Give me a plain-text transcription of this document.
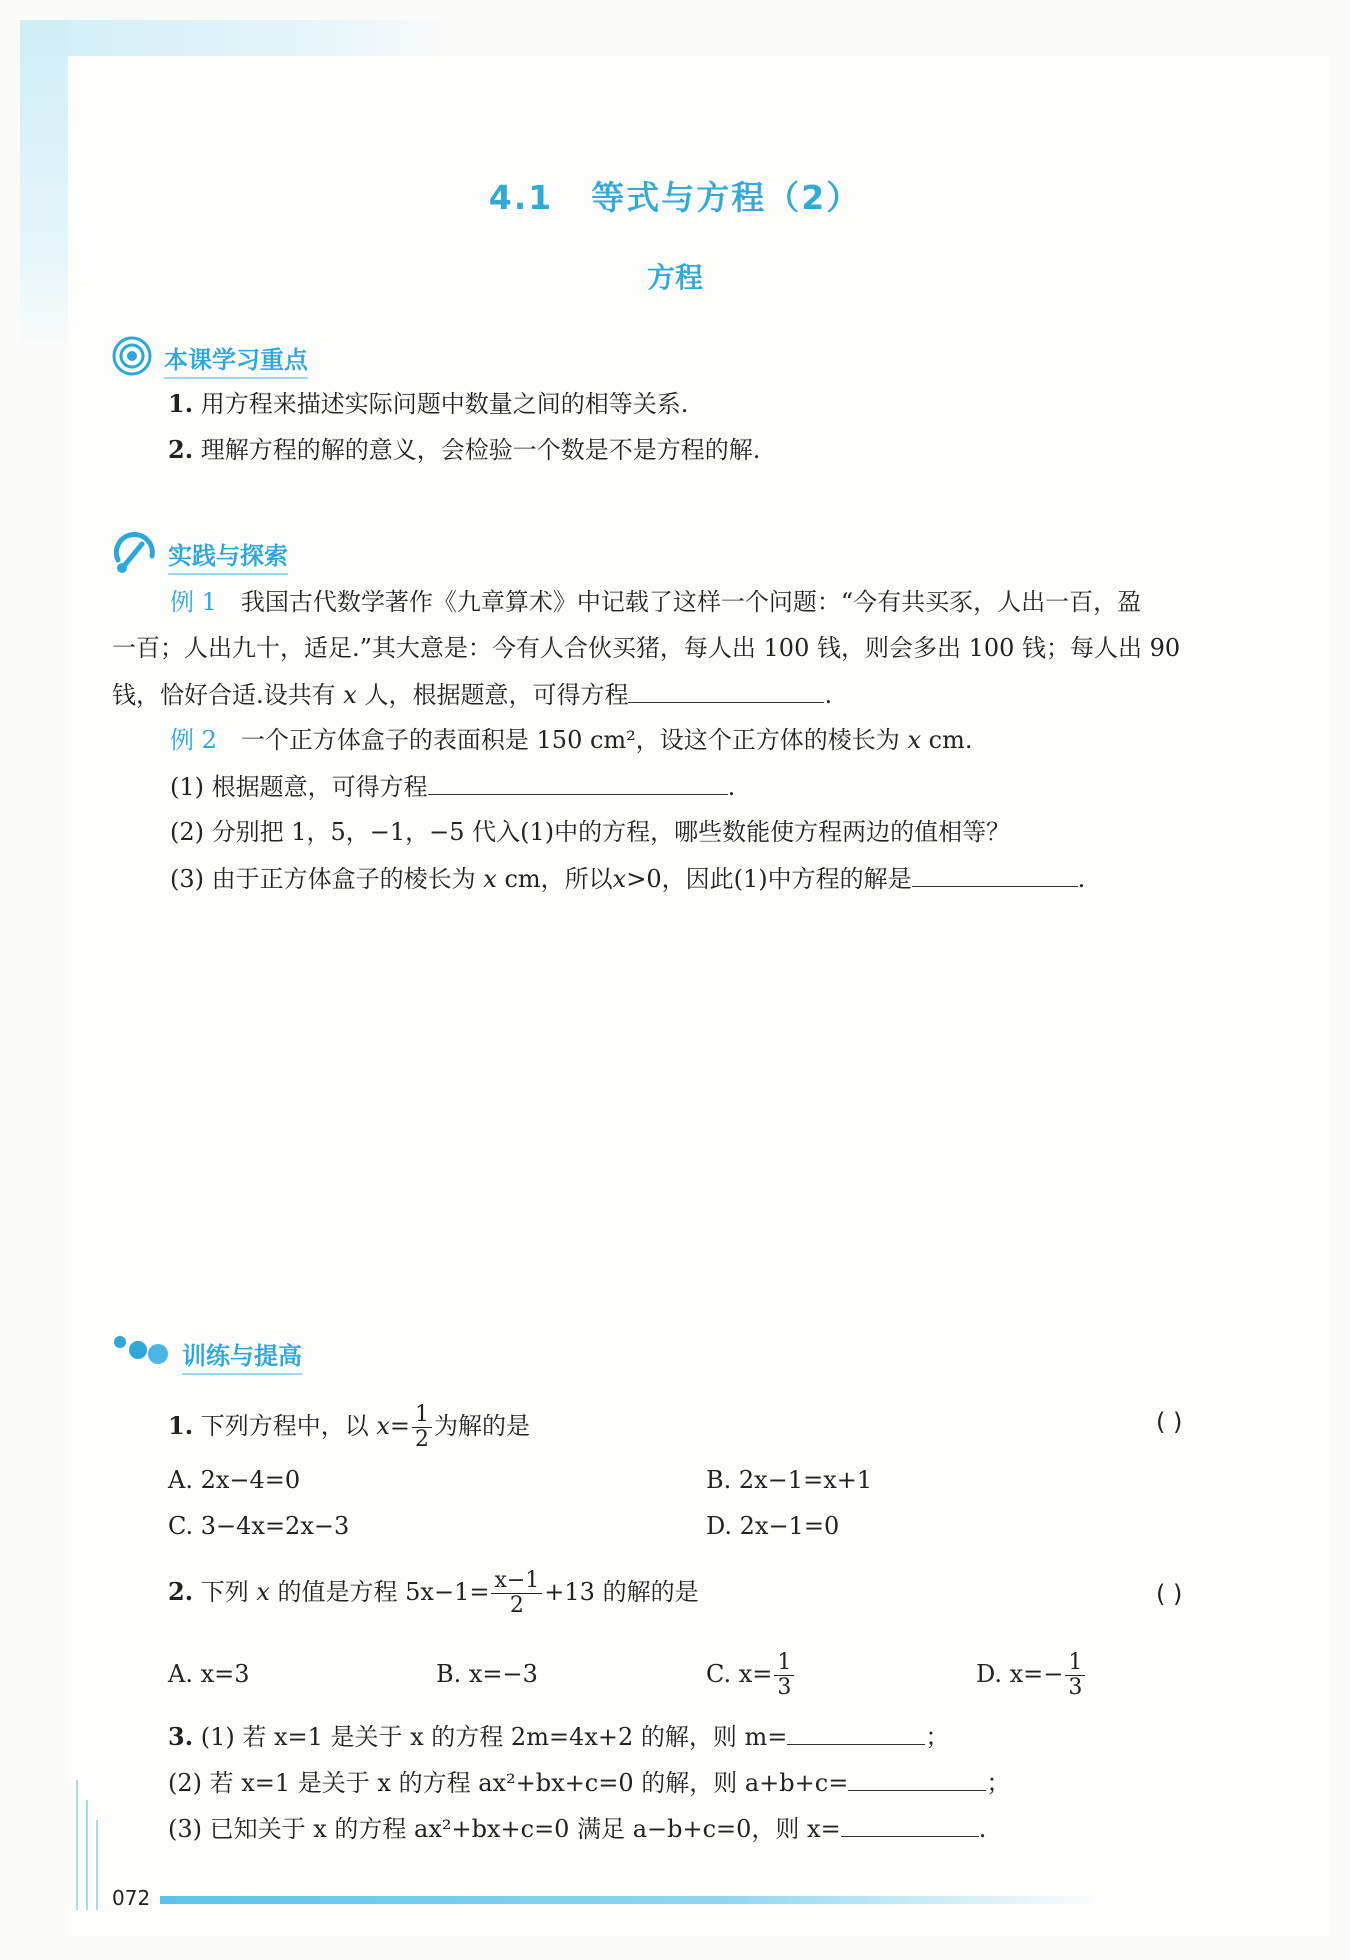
4.1 等式与方程（2）
方程
本课学习重点
1. 用方程来描述实际问题中数量之间的相等关系.
2. 理解方程的解的意义，会检验一个数是不是方程的解.
实践与探索
例 1 我国古代数学著作《九章算术》中记载了这样一个问题：“今有共买豕，人出一百，盈
一百；人出九十，适足.”其大意是：今有人合伙买猪，每人出 100 钱，则会多出 100 钱；每人出 90
钱，恰好合适.设共有 x 人，根据题意，可得方程	.
例 2 一个正方体盒子的表面积是 150 cm²，设这个正方体的棱长为 x cm.
(1) 根据题意，可得方程	.
(2) 分别把 1，5，−1，−5 代入(1)中的方程，哪些数能使方程两边的值相等？
(3) 由于正方体盒子的棱长为 x cm，所以x>0，因此(1)中方程的解是	.
训练与提高
1. 下列方程中，以 $x= \frac{1}{2}$ 为解的是	( )
A. 2x−4=0	B. 2x−1=x+1
C. 3−4x=2x−3	D. 2x−1=0
2. 下列 x 的值是方程 $5x-1= \frac{x-1}{2} +13$ 的解的是	( )
A. x=3	B. x=−3	C. $x= \frac{1}{3}$	D. $x=- \frac{1}{3}$
3. (1) 若 x=1 是关于 x 的方程 2m=4x+2 的解，则 m=	；
(2) 若 x=1 是关于 x 的方程 ax²+bx+c=0 的解，则 a+b+c=	；
(3) 已知关于 x 的方程 ax²+bx+c=0 满足 a−b+c=0，则 x=	.
072
